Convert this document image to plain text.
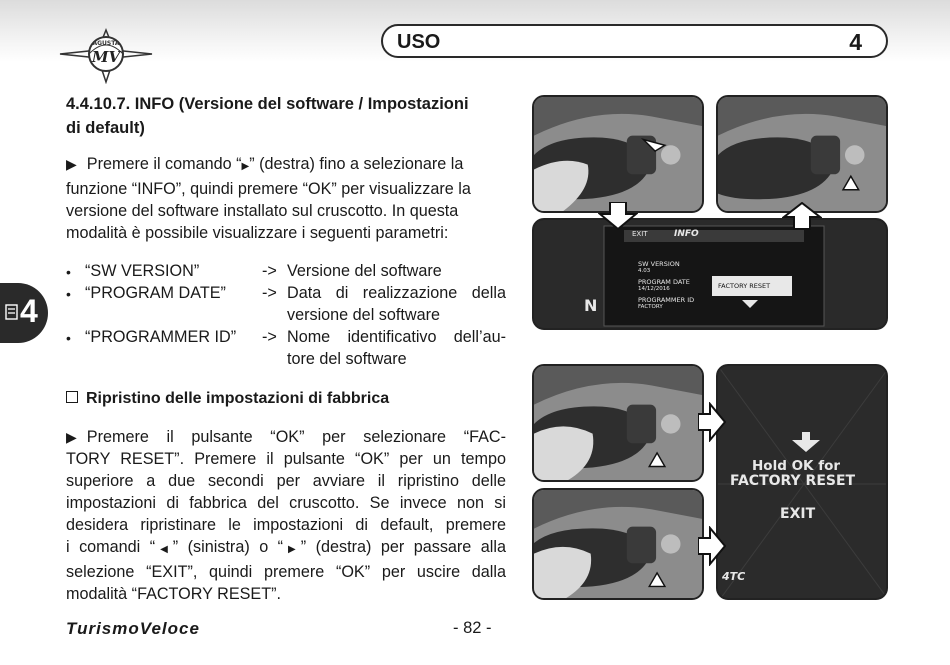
AGUSTA
MV
USO	4
4
4.4.10.7. INFO (Versione del software / Impostazioni
di default)
▶ Premere il comando “▶” (destra) fino a selezionare la
funzione “INFO”, quindi premere “OK” per visualizzare la
versione del software installato sul cruscotto. In questa
modalità è possibile visualizzare i seguenti parametri:
• “SW VERSION”	-> Versione del software
• “PROGRAM DATE” -> Data di realizzazione della
versione del software
• “PROGRAMMER ID” -> Nome identificativo dell’au-
tore del software
Ripristino delle impostazioni di fabbrica
▶ Premere il pulsante “OK” per selezionare “FAC-
TORY RESET”. Premere il pulsante “OK” per un tempo
superiore a due secondi per avviare il ripristino delle
impostazioni di fabbrica del cruscotto. Se invece non si
desidera ripristinare le impostazioni di default, premere
i comandi “◀” (sinistra) o “▶” (destra) per passare alla
selezione “EXIT”, quindi premere “OK” per uscire dalla
modalità “FACTORY RESET”.
TurismoVeloce	- 82 -
EXIT	INFO
SW VERSION
4.03
PROGRAM DATE
14/12/2016
PROGRAMMER ID
FACTORY
FACTORY RESET
N
Hold OK for
FACTORY RESET
EXIT
4TC
